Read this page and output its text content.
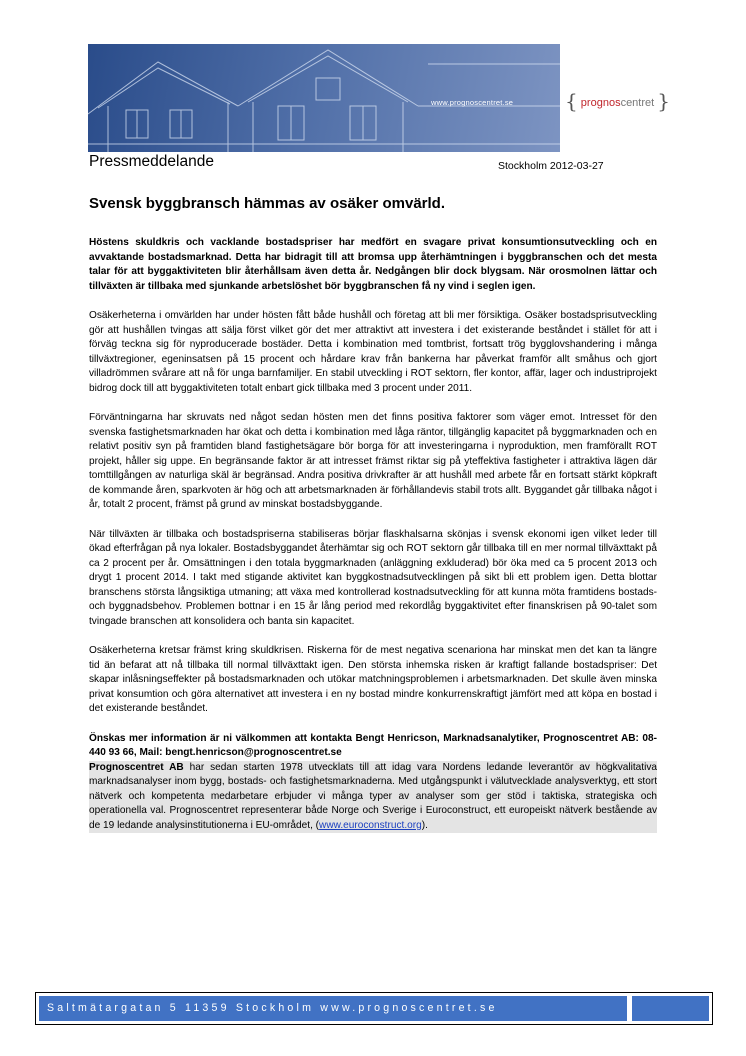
www.prognoscentret.se	{ prognoscentret }
Pressmeddelande	Stockholm 2012-03-27
Svensk byggbransch hämmas av osäker omvärld.

Höstens skuldkris och vacklande bostadspriser har medfört en svagare privat konsumtionsutveckling och en avvaktande bostadsmarknad. Detta har bidragit till att bromsa upp återhämtningen i byggbranschen och det mesta talar för att byggaktiviteten blir återhållsam även detta år. Nedgången blir dock blygsam. När orosmolnen lättar och tillväxten är tillbaka med sjunkande arbetslöshet bör byggbranschen få ny vind i seglen igen.

Osäkerheterna i omvärlden har under hösten fått både hushåll och företag att bli mer försiktiga. Osäker bostadsprisutveckling gör att hushållen tvingas att sälja först vilket gör det mer attraktivt att investera i det existerande beståndet i stället för att i förväg teckna sig för nyproducerade bostäder. Detta i kombination med tomtbrist, fortsatt trög bygglovshandering i många tillväxtregioner, egeninsatsen på 15 procent och hårdare krav från bankerna har påverkat framför allt småhus och gjort villadrömmen svårare att nå för unga barnfamiljer. En stabil utveckling i ROT sektorn, fler kontor, affär, lager och industriprojekt bidrog dock till att byggaktiviteten totalt enbart gick tillbaka med 3 procent under 2011.

Förväntningarna har skruvats ned något sedan hösten men det finns positiva faktorer som väger emot. Intresset för den svenska fastighetsmarknaden har ökat och detta i kombination med låga räntor, tillgänglig kapacitet på byggmarknaden och en relativt positiv syn på framtiden bland fastighetsägare bör borga för att investeringarna i nyproduktion, men framförallt ROT projekt, håller sig uppe. En begränsande faktor är att intresset främst riktar sig på yteffektiva fastigheter i attraktiva lägen där tomttillgången av naturliga skäl är begränsad. Andra positiva drivkrafter är att hushåll med arbete får en fortsatt stärkt köpkraft de kommande åren, sparkvoten är hög och att arbetsmarknaden är förhållandevis stabil trots allt. Byggandet går tillbaka något i år, totalt 2 procent, främst på grund av minskat bostadsbyggande.

När tillväxten är tillbaka och bostadspriserna stabiliseras börjar flaskhalsarna skönjas i svensk ekonomi igen vilket leder till ökad efterfrågan på nya lokaler. Bostadsbyggandet återhämtar sig och ROT sektorn går tillbaka till en mer normal tillväxttakt på ca 2 procent per år. Omsättningen i den totala byggmarknaden (anläggning exkluderad) bör öka med ca 5 procent 2013 och drygt 1 procent 2014. I takt med stigande aktivitet kan byggkostnadsutvecklingen på sikt bli ett problem igen. Detta blottar branschens största långsiktiga utmaning; att växa med kontrollerad kostnadsutveckling för att kunna möta framtidens bostads- och byggnadsbehov. Problemen bottnar i en 15 år lång period med rekordlåg byggaktivitet efter finanskrisen på 90-talet som tvingade branschen att konsolidera och banta sin kapacitet.

Osäkerheterna kretsar främst kring skuldkrisen. Riskerna för de mest negativa scenariona har minskat men det kan ta längre tid än befarat att nå tillbaka till normal tillväxttakt igen. Den största inhemska risken är kraftigt fallande bostadspriser: Det skapar inlåsningseffekter på bostadsmarknaden och utökar matchningsproblemen i arbetsmarknaden. Det skulle även minska privat konsumtion och göra alternativet att investera i en ny bostad mindre konkurrenskraftigt jämfört med att köpa en bostad i det existerande beståndet.

Önskas mer information är ni välkommen att kontakta Bengt Henricson, Marknadsanalytiker, Prognoscentret AB: 08-440 93 66, Mail: bengt.henricson@prognoscentret.se

Prognoscentret AB har sedan starten 1978 utvecklats till att idag vara Nordens ledande leverantör av högkvalitativa marknadsanalyser inom bygg, bostads- och fastighetsmarknaderna. Med utgångspunkt i välutvecklade analysverktyg, ett stort nätverk och kompetenta medarbetare erbjuder vi många typer av analyser som ger stöd i taktiska, strategiska och operationella val. Prognoscentret representerar både Norge och Sverige i Euroconstruct, ett europeiskt nätverk bestående av de 19 ledande analysinstitutionerna i EU-området, (www.euroconstruct.org).

Saltmätargatan 5 11359 Stockholm www.prognoscentret.se
